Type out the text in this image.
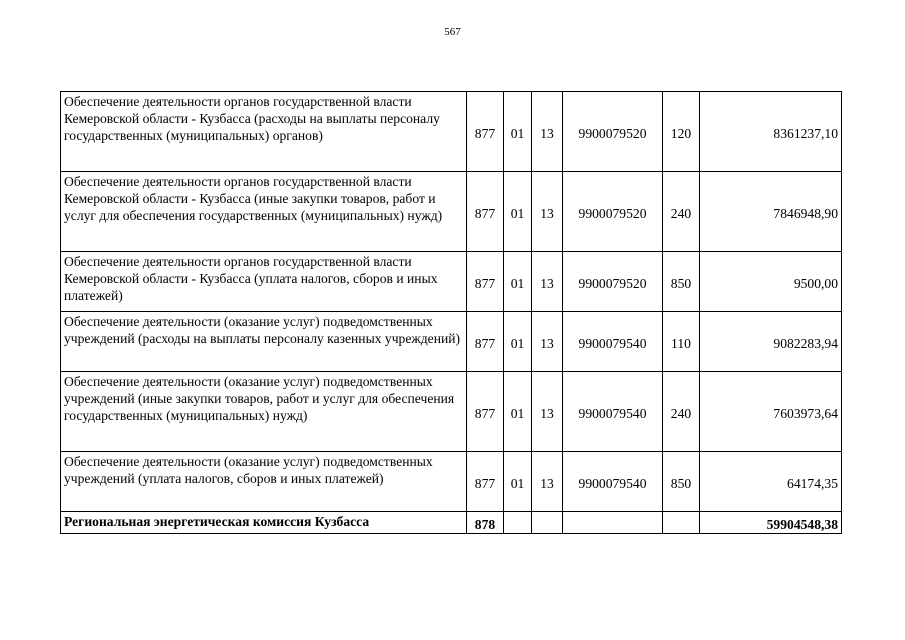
567
Обеспечение деятельности органов государственной власти Кемеровской области - Кузбасса (расходы на выплаты персоналу государственных (муниципальных) органов)	877	01	13	9900079520	120	8361237,10
Обеспечение деятельности органов государственной власти Кемеровской области - Кузбасса (иные закупки товаров, работ и услуг для обеспечения государственных (муниципальных) нужд)	877	01	13	9900079520	240	7846948,90
Обеспечение деятельности органов государственной власти Кемеровской области - Кузбасса (уплата налогов, сборов и иных платежей)	877	01	13	9900079520	850	9500,00
Обеспечение деятельности (оказание услуг) подведомственных учреждений (расходы на выплаты персоналу казенных учреждений)	877	01	13	9900079540	110	9082283,94
Обеспечение деятельности (оказание услуг) подведомственных учреждений (иные закупки товаров, работ и услуг для обеспечения государственных (муниципальных) нужд)	877	01	13	9900079540	240	7603973,64
Обеспечение деятельности (оказание услуг) подведомственных учреждений (уплата налогов, сборов и иных платежей)	877	01	13	9900079540	850	64174,35
Региональная энергетическая комиссия Кузбасса	878					59904548,38
